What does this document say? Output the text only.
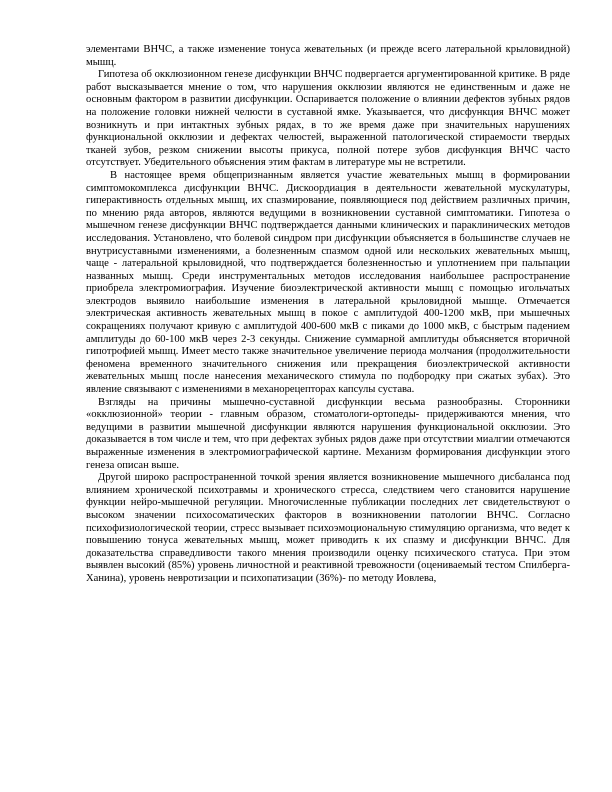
элементами ВНЧС, а также изменение тонуса жевательных (и прежде всего латеральной крыловидной) мышц.

Гипотеза об окклюзионном генезе дисфункции ВНЧС подвергается аргументированной критике. В ряде работ высказывается мнение о том, что нарушения окклюзии являются не единственным и даже не основным фактором в развитии дисфункции. Оспаривается положение о влиянии дефектов зубных рядов на положение головки нижней челюсти в суставной ямке. Указывается, что дисфункция ВНЧС может возникнуть и при интактных зубных рядах, в то же время даже при значительных нарушениях функциональной окклюзии и дефектах челюстей, выраженной патологической стираемости твердых тканей зубов, резком снижении высоты прикуса, полной потере зубов дисфункция ВНЧС часто отсутствует. Убедительного объяснения этим фактам в литературе мы не встретили.

В настоящее время общепризнанным является участие жевательных мышц в формировании симптомокомплекса дисфункции ВНЧС. Дискоордиация в деятельности жевательной мускулатуры, гиперактивность отдельных мышц, их спазмирование, появляющиеся под действием различных причин, по мнению ряда авторов, являются ведущими в возникновении суставной симптоматики. Гипотеза о мышечном генезе дисфункции ВНЧС подтверждается данными клинических и параклинических методов исследования. Установлено, что болевой синдром при дисфункции объясняется в большинстве случаев не внутрисуставными изменениями, а болезненным спазмом одной или нескольких жевательных мышц, чаще - латеральной крыловидной, что подтверждается болезненностью и уплотнением при пальпации названных мышц. Среди инструментальных методов исследования наибольшее распространение приобрела электромиография. Изучение биоэлектрической активности мышц с помощью игольчатых электродов выявило наибольшие изменения в латеральной крыловидной мышце. Отмечается электрическая активность жевательных мышц в покое с амплитудой 400-1200 мкВ, при мышечных сокращениях получают кривую с амплитудой 400-600 мкВ с пиками до 1000 мкВ, с быстрым падением амплитуды до 60-100 мкВ через 2-3 секунды. Снижение суммарной амплитуды объясняется вторичной гипотрофией мышц. Имеет место также значительное увеличение периода молчания (продолжительности феномена временного значительного снижения или прекращения биоэлектрической активности жевательных мышц после нанесения механического стимула по подбородку при сжатых зубах). Это явление связывают с изменениями в механорецепторах капсулы сустава.

Взгляды на причины мышечно-суставной дисфункции весьма разнообразны. Сторонники «окклюзионной» теории - главным образом, стоматологи-ортопеды- придерживаются мнения, что ведущими в развитии мышечной дисфункции являются нарушения функциональной окклюзии. Это доказывается в том числе и тем, что при дефектах зубных рядов даже при отсутствии миалгии отмечаются выраженные изменения в электромиографической картине. Механизм формирования дисфункции этого генеза описан выше.

Другой широко распространенной точкой зрения является возникновение мышечного дисбаланса под влиянием хронической психотравмы и хронического стресса, следствием чего становится нарушение функции нейро-мышечной регуляции. Многочисленные публикации последних лет свидетельствуют о высоком значении психосоматических факторов в возникновении патологии ВНЧС. Согласно психофизиологической теории, стресс вызывает психоэмоциональную стимуляцию организма, что ведет к повышению тонуса жевательных мышц, может приводить к их спазму и дисфункции ВНЧС. Для доказательства справедливости такого мнения производили оценку психического статуса. При этом выявлен высокий (85%) уровень личностной и реактивной тревожности (оцениваемый тестом Спилберга-Ханина), уровень невротизации и психопатизации (36%)- по методу Иовлева,
